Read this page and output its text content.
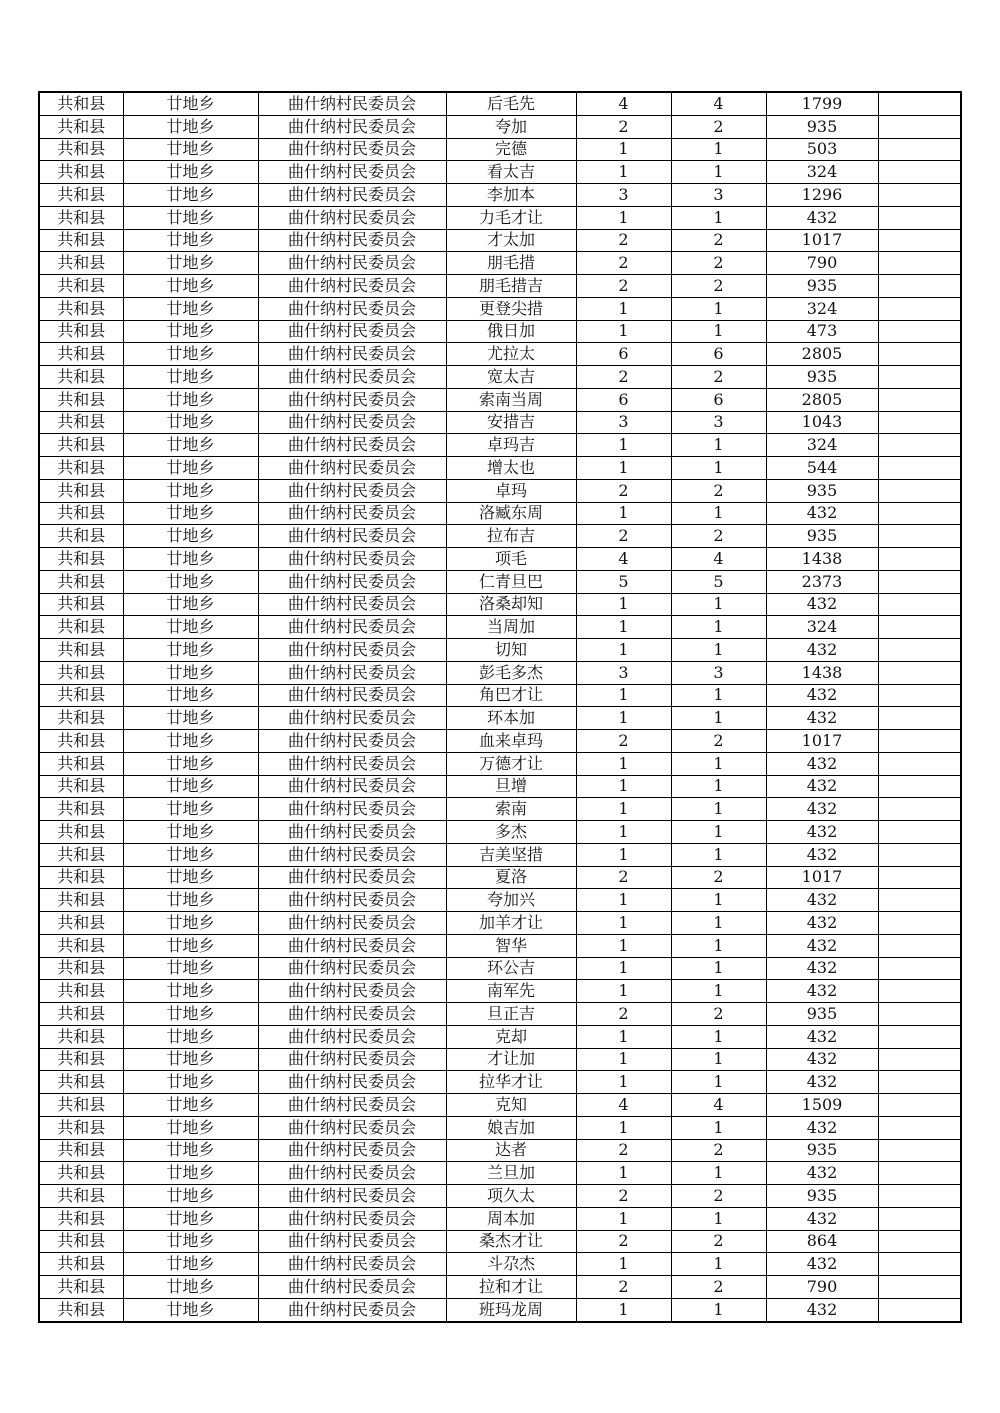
共和县	廿地乡	曲什纳村民委员会	后毛先	4	4	1799	
共和县	廿地乡	曲什纳村民委员会	夸加	2	2	935	
共和县	廿地乡	曲什纳村民委员会	完德	1	1	503	
共和县	廿地乡	曲什纳村民委员会	看太吉	1	1	324	
共和县	廿地乡	曲什纳村民委员会	李加本	3	3	1296	
共和县	廿地乡	曲什纳村民委员会	力毛才让	1	1	432	
共和县	廿地乡	曲什纳村民委员会	才太加	2	2	1017	
共和县	廿地乡	曲什纳村民委员会	朋毛措	2	2	790	
共和县	廿地乡	曲什纳村民委员会	朋毛措吉	2	2	935	
共和县	廿地乡	曲什纳村民委员会	更登尖措	1	1	324	
共和县	廿地乡	曲什纳村民委员会	俄日加	1	1	473	
共和县	廿地乡	曲什纳村民委员会	尤拉太	6	6	2805	
共和县	廿地乡	曲什纳村民委员会	宽太吉	2	2	935	
共和县	廿地乡	曲什纳村民委员会	索南当周	6	6	2805	
共和县	廿地乡	曲什纳村民委员会	安措吉	3	3	1043	
共和县	廿地乡	曲什纳村民委员会	卓玛吉	1	1	324	
共和县	廿地乡	曲什纳村民委员会	增太也	1	1	544	
共和县	廿地乡	曲什纳村民委员会	卓玛	2	2	935	
共和县	廿地乡	曲什纳村民委员会	洛臧东周	1	1	432	
共和县	廿地乡	曲什纳村民委员会	拉布吉	2	2	935	
共和县	廿地乡	曲什纳村民委员会	项毛	4	4	1438	
共和县	廿地乡	曲什纳村民委员会	仁青旦巴	5	5	2373	
共和县	廿地乡	曲什纳村民委员会	洛桑却知	1	1	432	
共和县	廿地乡	曲什纳村民委员会	当周加	1	1	324	
共和县	廿地乡	曲什纳村民委员会	切知	1	1	432	
共和县	廿地乡	曲什纳村民委员会	彭毛多杰	3	3	1438	
共和县	廿地乡	曲什纳村民委员会	角巴才让	1	1	432	
共和县	廿地乡	曲什纳村民委员会	环本加	1	1	432	
共和县	廿地乡	曲什纳村民委员会	血来卓玛	2	2	1017	
共和县	廿地乡	曲什纳村民委员会	万德才让	1	1	432	
共和县	廿地乡	曲什纳村民委员会	旦增	1	1	432	
共和县	廿地乡	曲什纳村民委员会	索南	1	1	432	
共和县	廿地乡	曲什纳村民委员会	多杰	1	1	432	
共和县	廿地乡	曲什纳村民委员会	吉美坚措	1	1	432	
共和县	廿地乡	曲什纳村民委员会	夏洛	2	2	1017	
共和县	廿地乡	曲什纳村民委员会	夸加兴	1	1	432	
共和县	廿地乡	曲什纳村民委员会	加羊才让	1	1	432	
共和县	廿地乡	曲什纳村民委员会	智华	1	1	432	
共和县	廿地乡	曲什纳村民委员会	环公吉	1	1	432	
共和县	廿地乡	曲什纳村民委员会	南军先	1	1	432	
共和县	廿地乡	曲什纳村民委员会	旦正吉	2	2	935	
共和县	廿地乡	曲什纳村民委员会	克却	1	1	432	
共和县	廿地乡	曲什纳村民委员会	才让加	1	1	432	
共和县	廿地乡	曲什纳村民委员会	拉华才让	1	1	432	
共和县	廿地乡	曲什纳村民委员会	克知	4	4	1509	
共和县	廿地乡	曲什纳村民委员会	娘吉加	1	1	432	
共和县	廿地乡	曲什纳村民委员会	达者	2	2	935	
共和县	廿地乡	曲什纳村民委员会	兰旦加	1	1	432	
共和县	廿地乡	曲什纳村民委员会	项久太	2	2	935	
共和县	廿地乡	曲什纳村民委员会	周本加	1	1	432	
共和县	廿地乡	曲什纳村民委员会	桑杰才让	2	2	864	
共和县	廿地乡	曲什纳村民委员会	斗尕杰	1	1	432	
共和县	廿地乡	曲什纳村民委员会	拉和才让	2	2	790	
共和县	廿地乡	曲什纳村民委员会	班玛龙周	1	1	432	
